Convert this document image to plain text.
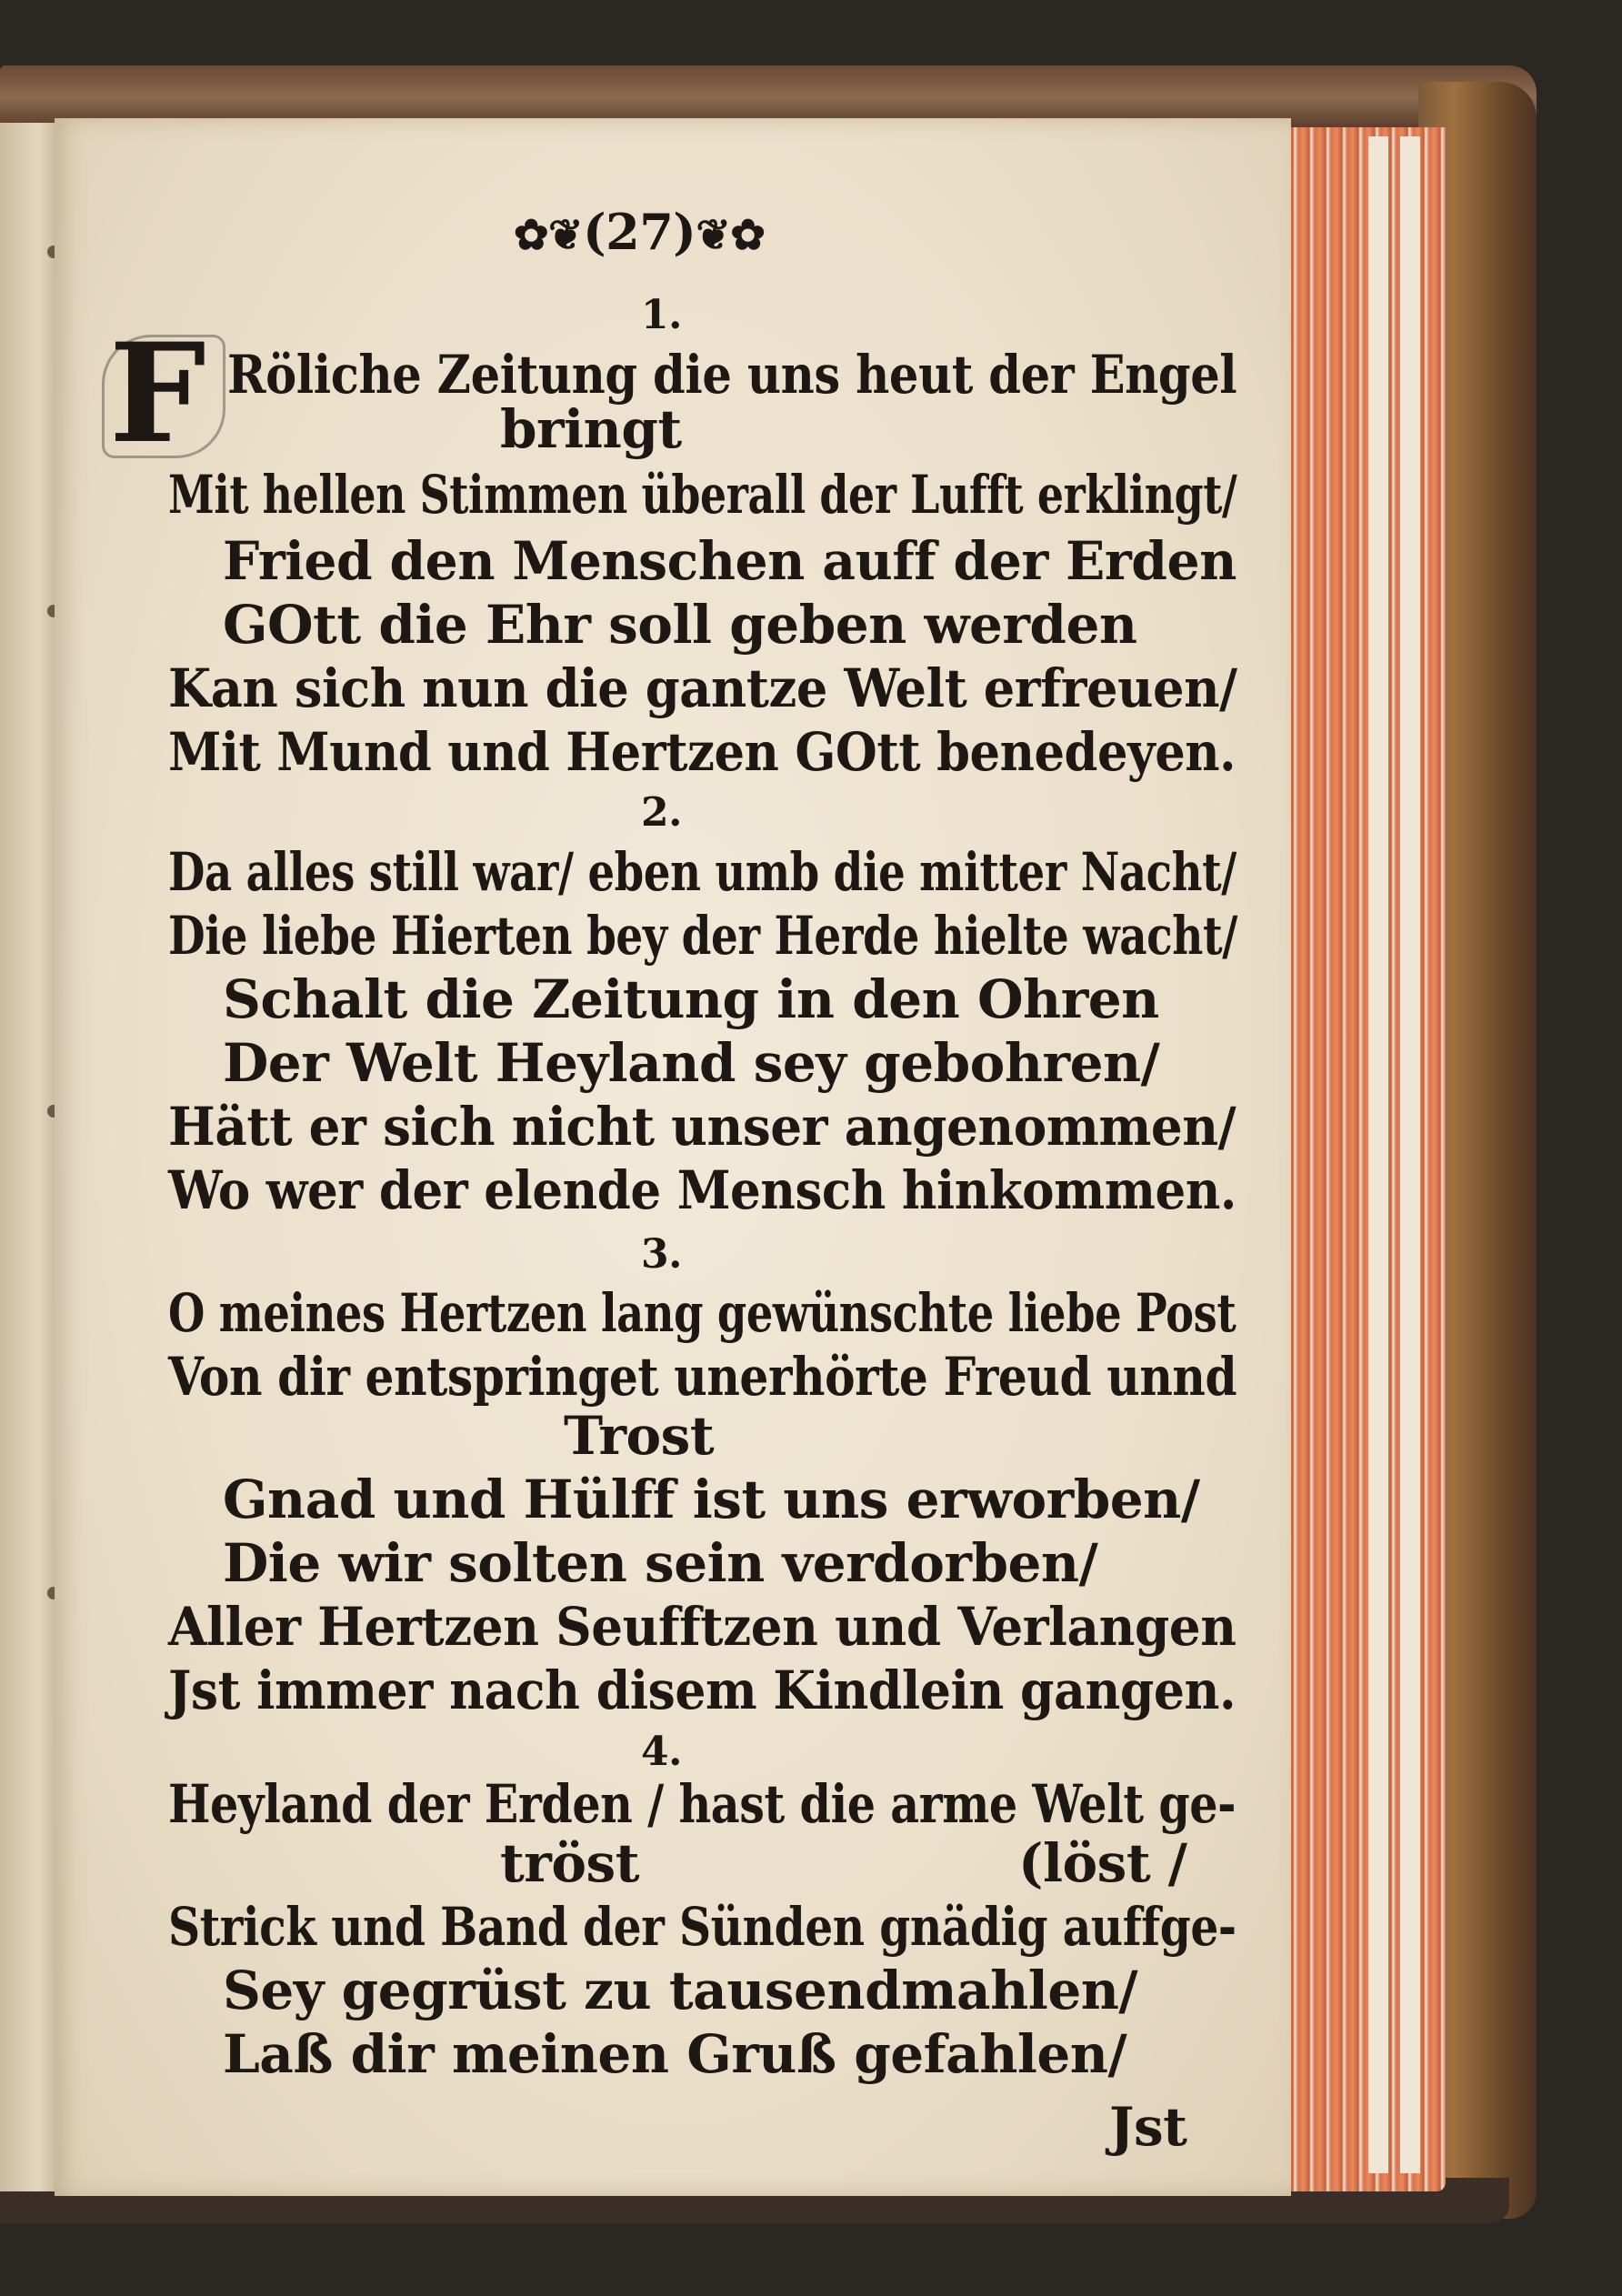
✿❦(27)❦✿
1.
F Röliche Zeitung die uns heut der Engel
bringt
Mit hellen Stimmen überall der Lufft erklingt/
Fried den Menschen auff der Erden
GOtt die Ehr soll geben werden
Kan sich nun die gantze Welt erfreuen/
Mit Mund und Hertzen GOtt benedeyen.
2.
Da alles still war/ eben umb die mitter Nacht/
Die liebe Hierten bey der Herde hielte wacht/
Schalt die Zeitung in den Ohren
Der Welt Heyland sey gebohren/
Hätt er sich nicht unser angenommen/
Wo wer der elende Mensch hinkommen.
3.
O meines Hertzen lang gewünschte liebe Post
Von dir entspringet unerhörte Freud unnd
Trost
Gnad und Hülff ist uns erworben/
Die wir solten sein verdorben/
Aller Hertzen Seufftzen und Verlangen
Jst immer nach disem Kindlein gangen.
4.
Heyland der Erden / hast die arme Welt ge-
tröst	(löst /
Strick und Band der Sünden gnädig auffge-
Sey gegrüst zu tausendmahlen/
Laß dir meinen Gruß gefahlen/
Jst
